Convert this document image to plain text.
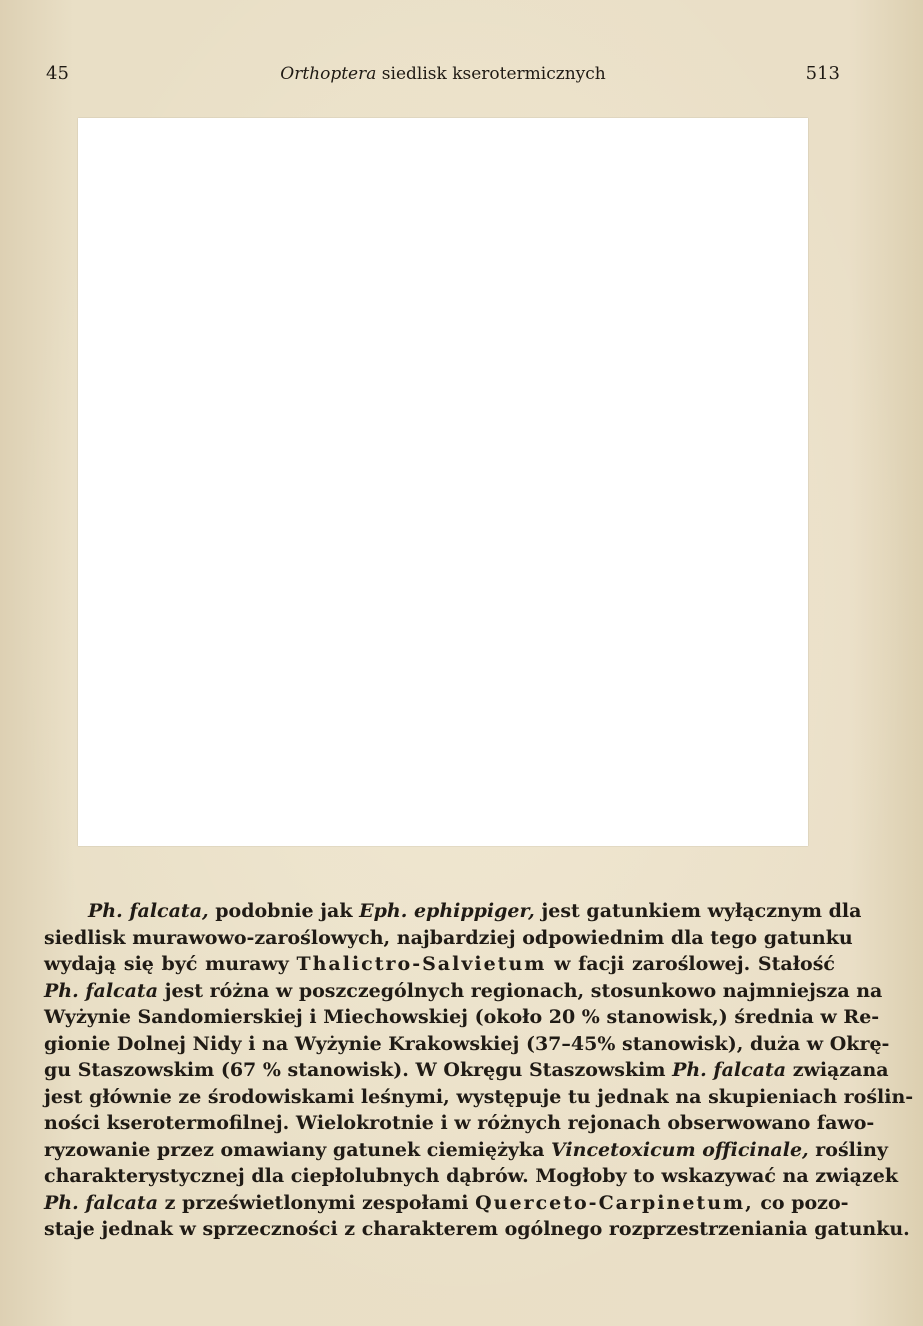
45	Orthoptera siedlisk kserotermicznych	513
Ph. falcata, podobnie jak Eph. ephippiger, jest gatunkiem wyłącznym dla
siedlisk murawowo-zaroślowych, najbardziej odpowiednim dla tego gatunku
wydają się być murawy Thalictro-Salvietum w facji zaroślowej. Stałość
Ph. falcata jest różna w poszczególnych regionach, stosunkowo najmniejsza na
Wyżynie Sandomierskiej i Miechowskiej (około 20 % stanowisk,) średnia w Re-
gionie Dolnej Nidy i na Wyżynie Krakowskiej (37–45% stanowisk), duża w Okrę-
gu Staszowskim (67 % stanowisk). W Okręgu Staszowskim Ph. falcata związana
jest głównie ze środowiskami leśnymi, występuje tu jednak na skupieniach roślin-
ności kserotermofilnej. Wielokrotnie i w różnych rejonach obserwowano fawo-
ryzowanie przez omawiany gatunek ciemiężyka Vincetoxicum officinale, rośliny
charakterystycznej dla ciepłolubnych dąbrów. Mogłoby to wskazywać na związek
Ph. falcata z prześwietlonymi zespołami Querceto-Carpinetum, co pozo-
staje jednak w sprzeczności z charakterem ogólnego rozprzestrzeniania gatunku.
